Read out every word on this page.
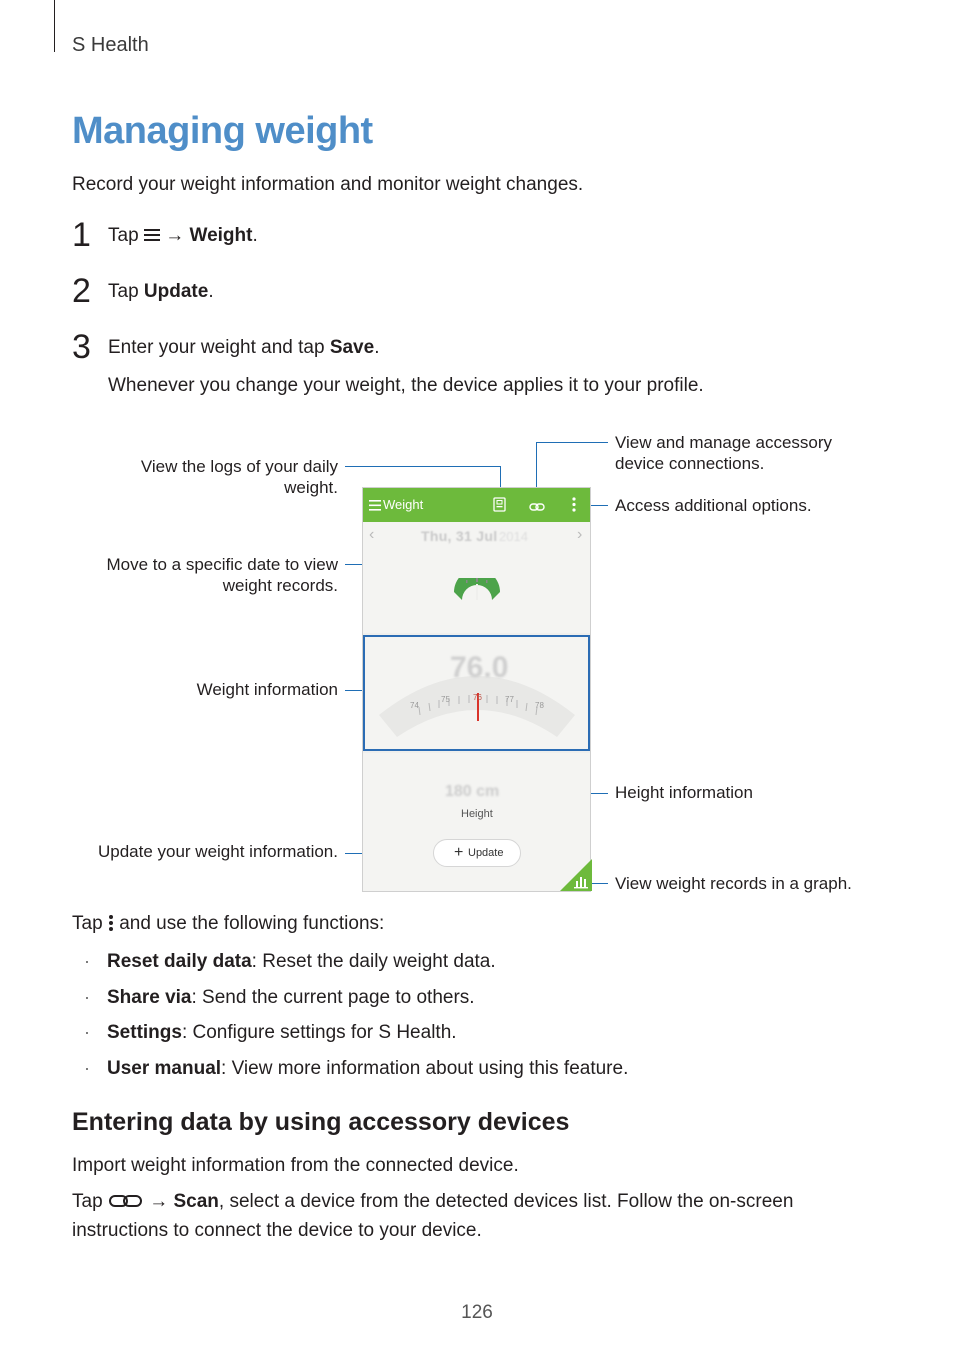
S Health
Managing weight
Record your weight information and monitor weight changes.
1 Tap  → Weight.
2 Tap Update.
3 Enter your weight and tap Save.
Whenever you change your weight, the device applies it to your profile.
View the logs of your daily
weight.
Move to a specific date to view
weight records.
Weight information
Update your weight information.
View and manage accessory
device connections.
Access additional options.
Height information
View weight records in a graph.
Weight
‹	›
Thu, 31 Jul 2014
76.0
74
75	76	77
78
180 cm
Height
+ Update
Tap  and use the following functions:
· Reset daily data: Reset the daily weight data.
· Share via: Send the current page to others.
· Settings: Configure settings for S Health.
· User manual: View more information about using this feature.
Entering data by using accessory devices
Import weight information from the connected device.
Tap  → Scan, select a device from the detected devices list. Follow the on-screen
instructions to connect the device to your device.
126
